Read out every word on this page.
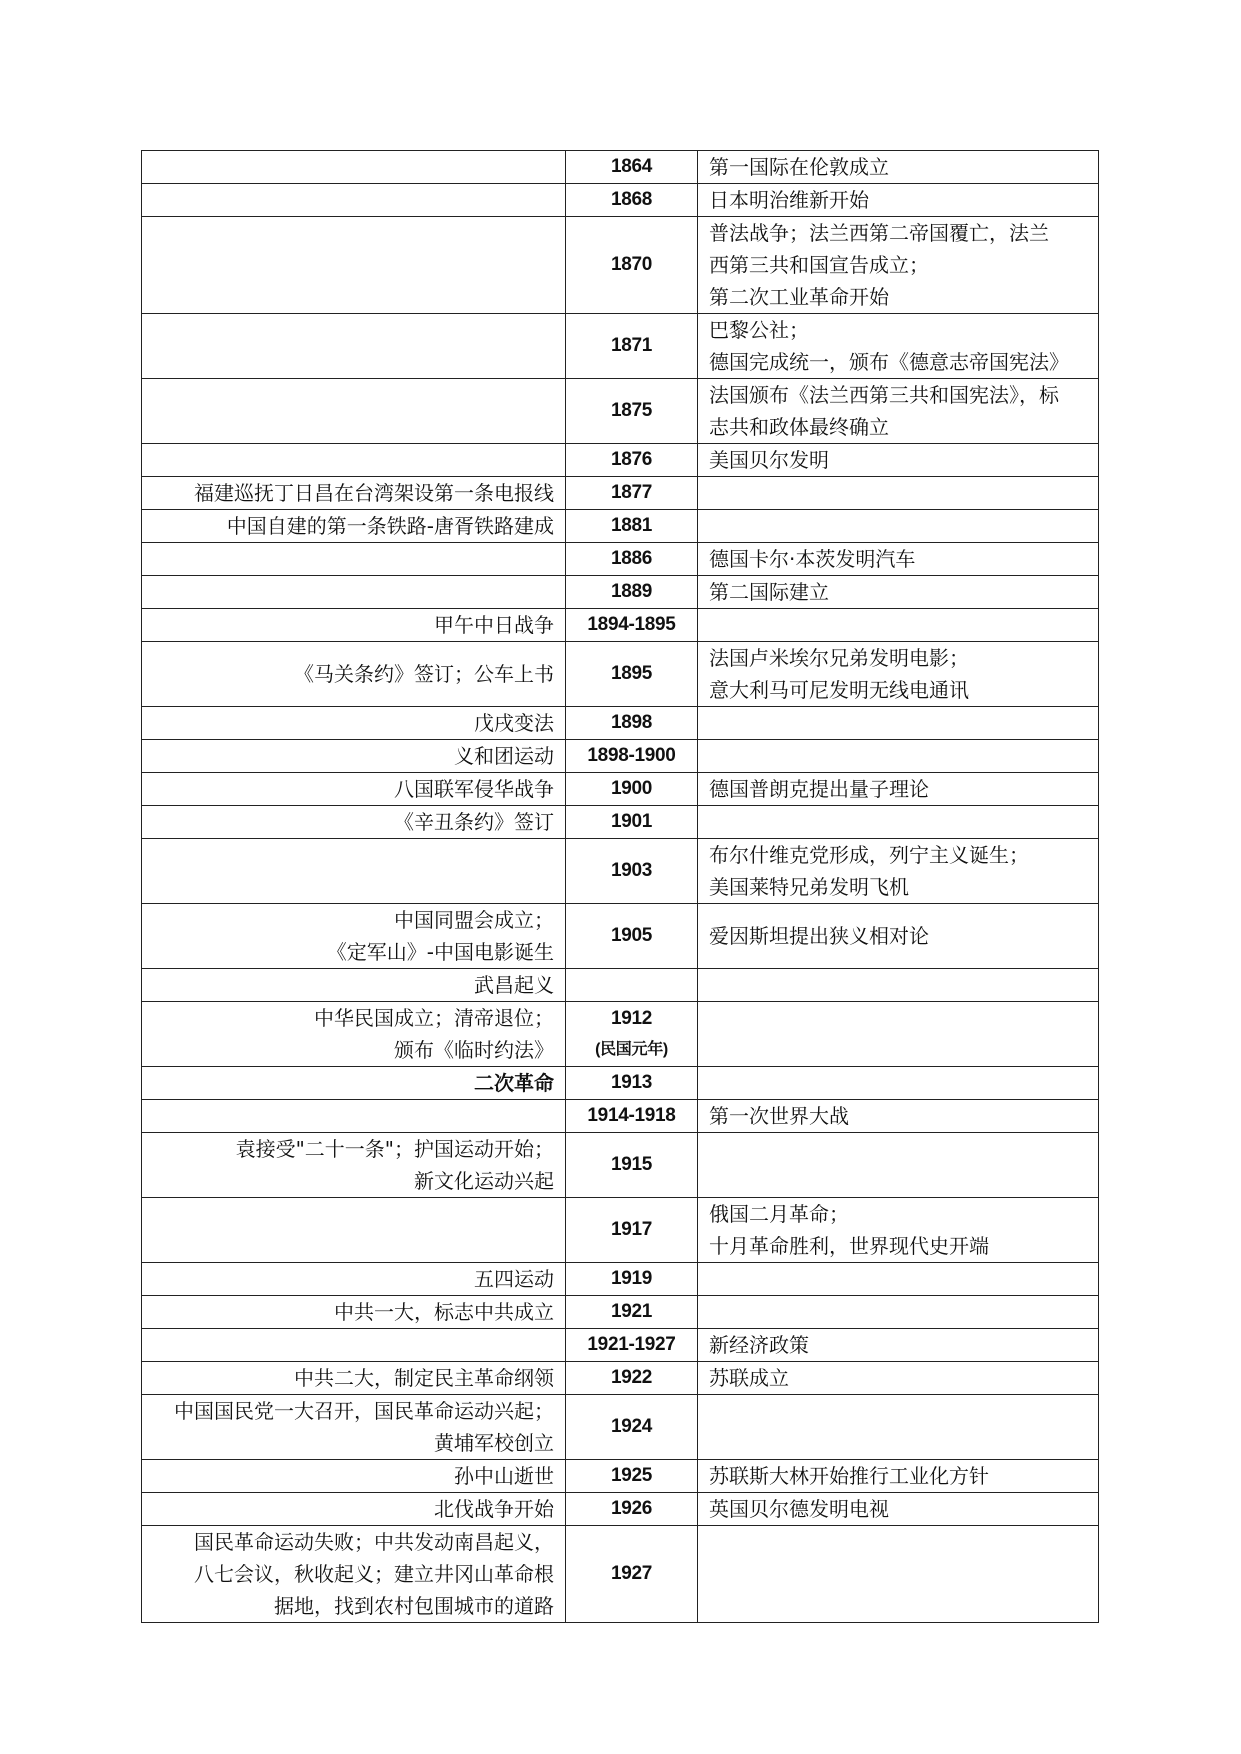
	1864	第一国际在伦敦成立

	1868	日本明治维新开始

	1870	普法战争；法兰西第二帝国覆亡，法兰
西第三共和国宣告成立；
第二次工业革命开始

	1871	巴黎公社；
德国完成统一，颁布《德意志帝国宪法》

	1875	法国颁布《法兰西第三共和国宪法》，标
志共和政体最终确立

	1876	美国贝尔发明

福建巡抚丁日昌在台湾架设第一条电报线	1877	

中国自建的第一条铁路-唐胥铁路建成	1881	

	1886	德国卡尔·本茨发明汽车

	1889	第二国际建立

甲午中日战争	1894-1895	

《马关条约》签订；公车上书	1895	法国卢米埃尔兄弟发明电影；
意大利马可尼发明无线电通讯

戊戌变法	1898	

义和团运动	1898-1900	

八国联军侵华战争	1900	德国普朗克提出量子理论

《辛丑条约》签订	1901	

	1903	布尔什维克党形成，列宁主义诞生；
美国莱特兄弟发明飞机

中国同盟会成立；
《定军山》-中国电影诞生	1905	爱因斯坦提出狭义相对论

武昌起义		

中华民国成立；清帝退位；
颁布《临时约法》	1912
(民国元年)	

二次革命	1913	

	1914-1918	第一次世界大战

袁接受"二十一条"；护国运动开始；
新文化运动兴起	1915	

	1917	俄国二月革命；
十月革命胜利，世界现代史开端

五四运动	1919	

中共一大，标志中共成立	1921	

	1921-1927	新经济政策

中共二大，制定民主革命纲领	1922	苏联成立

中国国民党一大召开，国民革命运动兴起；
黄埔军校创立	1924	

孙中山逝世	1925	苏联斯大林开始推行工业化方针

北伐战争开始	1926	英国贝尔德发明电视

国民革命运动失败；中共发动南昌起义，
八七会议，秋收起义；建立井冈山革命根
据地，找到农村包围城市的道路	1927	
